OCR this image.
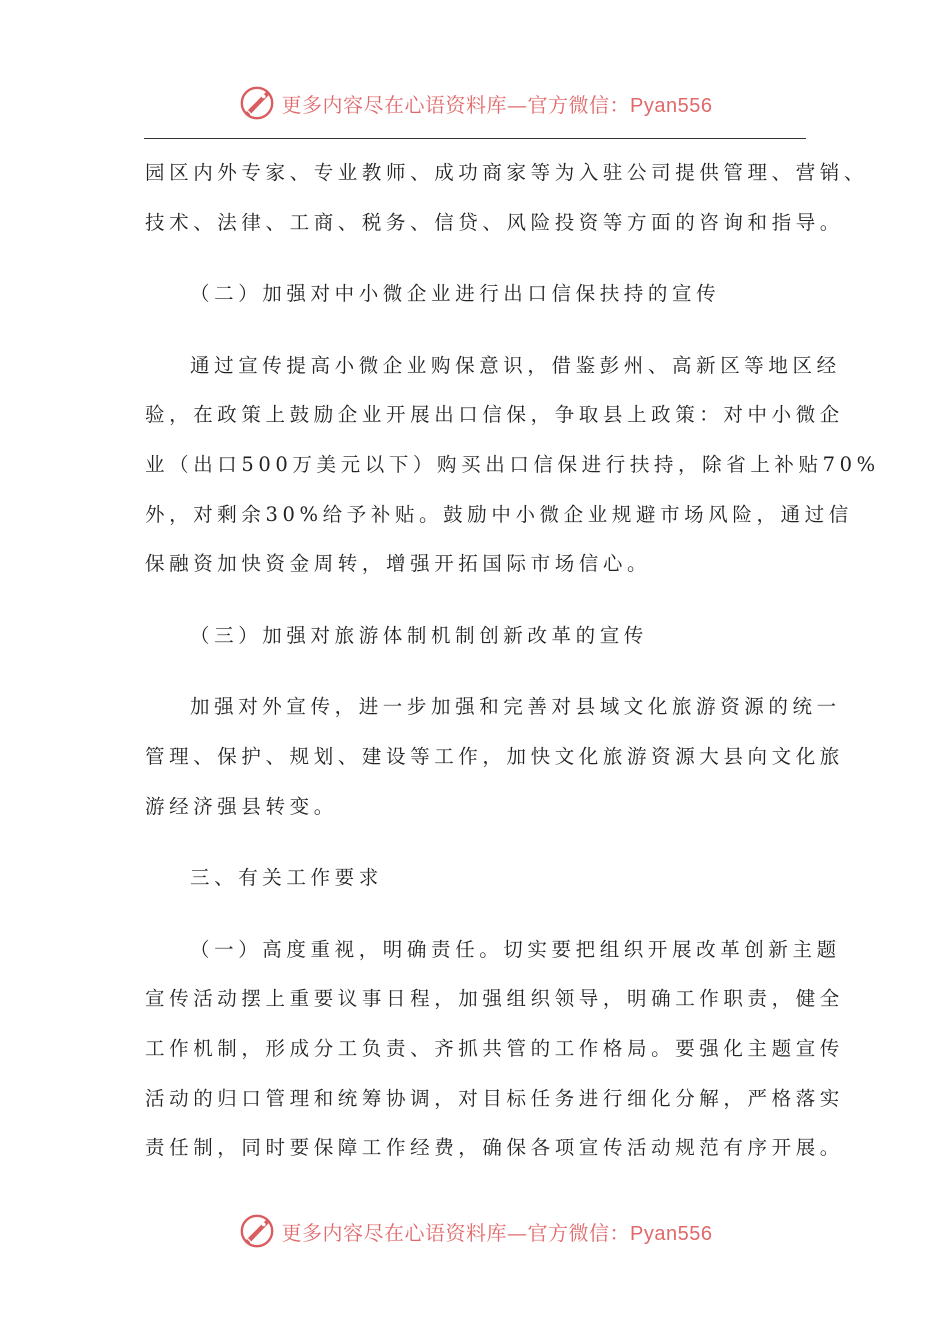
更多内容尽在心语资料库—官方微信：Pyan556
园区内外专家、专业教师、成功商家等为入驻公司提供管理、营销、
技术、法律、工商、税务、信贷、风险投资等方面的咨询和指导。
（二）加强对中小微企业进行出口信保扶持的宣传
通过宣传提高小微企业购保意识，借鉴彭州、高新区等地区经
验，在政策上鼓励企业开展出口信保，争取县上政策：对中小微企
业（出口500万美元以下）购买出口信保进行扶持，除省上补贴70%
外，对剩余30%给予补贴。鼓励中小微企业规避市场风险，通过信
保融资加快资金周转，增强开拓国际市场信心。
（三）加强对旅游体制机制创新改革的宣传
加强对外宣传，进一步加强和完善对县域文化旅游资源的统一
管理、保护、规划、建设等工作，加快文化旅游资源大县向文化旅
游经济强县转变。
三、有关工作要求
（一）高度重视，明确责任。切实要把组织开展改革创新主题
宣传活动摆上重要议事日程，加强组织领导，明确工作职责，健全
工作机制，形成分工负责、齐抓共管的工作格局。要强化主题宣传
活动的归口管理和统筹协调，对目标任务进行细化分解，严格落实
责任制，同时要保障工作经费，确保各项宣传活动规范有序开展。
更多内容尽在心语资料库—官方微信：Pyan556
